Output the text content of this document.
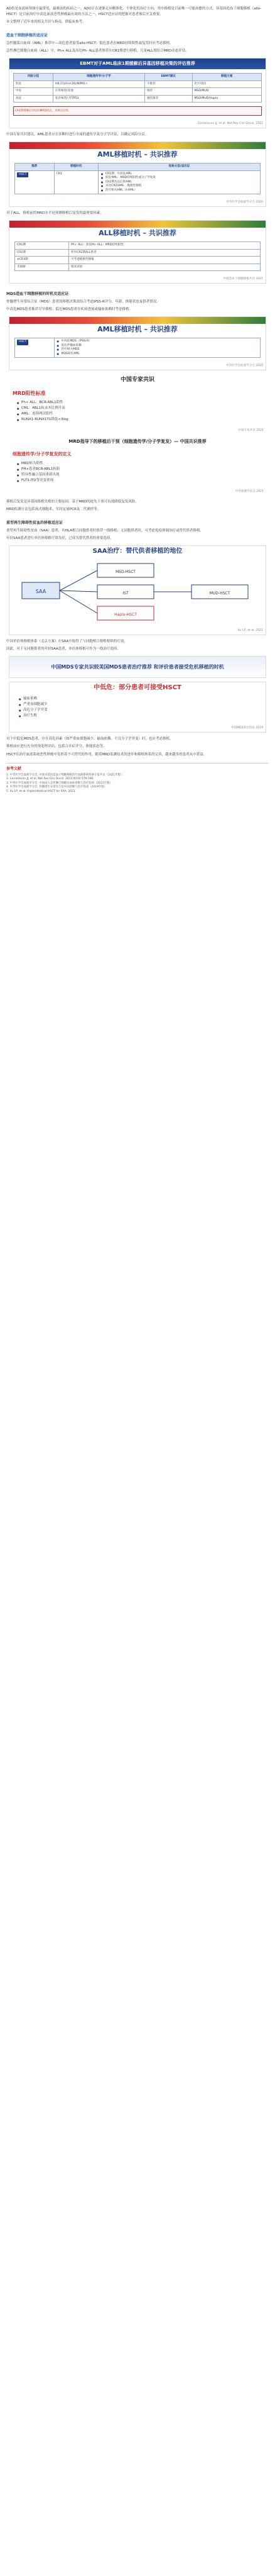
AD仍是血液病领域中最常见、最难治的疾病之一。ADO正在逐渐走向精准化、个体化的治疗方向，其中移植是目前唯一可能治愈的方式。异基因造血干细胞移植（allo-HSCT）是目前治疗中高危血液恶性肿瘤最有效的方法之一，HSCT适应证的把握对患者预后至关重要。

本文整理了近年来的相关共识与指南，供临床参考。

造血干细胞移植的适应证

急性髓系白血病（AML）推荐中—高危患者接受allo-HSCT；低危患者在MRD持续阳性或复发时应考虑移植。

急性淋巴细胞白血病（ALL）中，Ph+ ALL及高危Ph- ALL患者推荐在CR1期进行移植；儿童ALL需结合MRD动态评估。

EBMT对于AML临床1期缓解后异基因移植决策的评估推荐
风险分层	细胞遗传学/分子学	EBMT建议	移植方案
低危	t(8;21)/inv(16)/NPM1+	不推荐	化疗巩固
中危	正常核型/其他	推荐	MSD/MUD
高危	复杂核型/-7/TP53	强烈推荐	MSD/MUD/Haplo
CR1期缓解后评估的MRD状态，具体见后续
Cornelissen JJ, et al. Nat Rev Clin Oncol. 2012

中国专家共识建议，AML患者应在诊断时进行全面的遗传学及分子学评估，以确定风险分层。

AML移植时机 – 共识推荐
推荐	移植时机	危险分层/适应证
HSCT	CR1	● CR1期：中高危AML
● 低危AML：MRD持续阳性或分子学复发
● CR2期及以后的AML
● 未达CR的AML：挽救性移植
● 治疗相关AML（t-AML）
中华医学会血液学分会 2020

对于ALL，移植前的MRD水平是预测移植后复发的最重要因素。

ALL移植时机 – 共识推荐
CR1期	Ph+ ALL；高危Ph- ALL；MRD持续阳性
CR2期	所有CR2期ALL患者
≥CR3期	可考虑挽救性移植
未缓解	临床试验
中国造血干细胞移植共识 2021
MDS造血干细胞移植的时机及适应证

骨髓增生异常综合征（MDS）患者的移植决策需综合考虑IPSS-R评分、年龄、体能状态及供者情况。

中高危MDS患者推荐尽早移植；低危MDS患者在疾病进展或输血依赖时考虑移植。

AML移植时机 – 共识推荐
HSCT	
●中高危MDS（IPSS-R）
● 低危伴输血依赖
● 治疗相关MDS
● MDS转化AML
中华医学会血液学分会 2020
中国专家共识
MRD阳性标准
● Ph+ ALL：BCR-ABL1阳性
● CML：ABL1转录本比例升高
● AML：连续两次阳性
● RUNX1-RUNX1T1降低<3log
中国专家共识 2021
MRD指导下的移植后干预（细胞遗传学/分子学复发）— 中国共识推荐
细胞遗传学/分子学复发的定义
● MRD转为阳性
● PH+患者BCR-ABL1转阳
● 特异性融合基因重新出现
● FLT3-ITD等突变重现
中华血液学杂志 2021

移植后复发是异基因移植失败的主要原因。基于MRD的抢先干预可有效降低复发风险。

MRD监测方法包括流式细胞术、实时定量PCR及二代测序等。

重型再生障碍性贫血的移植适应证

重型再生障碍性贫血（SAA）患者，有HLA相合同胞供者时推荐一线移植；无同胞供者时，可考虑免疫抑制治疗或替代供者移植。

年轻SAA患者进行单倍体移植疗效良好，已成为替代供者的重要选择。

SAA治疗：替代供者移植的地位
SAA
MSD-HSCT
IST
Haplo-HSCT
MUD-HSCT
Xu LP, et al. 2021

中国单倍体移植体系（北京方案）在SAA中取得了与同胞相合移植相似的疗效。

因此，对于无同胞供者的年轻SAA患者，单倍体移植可作为一线治疗选择。

中国MDS专家共识较美国MDS患者治疗推荐 和评价患者接受危机移植的时机
中低危：部分患者可接受HSCT
● 输血依赖
● 严重血细胞减少
● 高危分子学突变
● 治疗失败
中国MDS诊疗指南 2019

对于中低危MDS患者，存在高危因素（如严重血细胞减少、输血依赖、不良分子学突变）时，也应考虑移植。

移植前应进行充分的预处理评估，包括合并症评分、体能状态等。

HSCT在治疗血液系统恶性肿瘤中发挥着不可替代的作用。随着MRD监测技术的进步和移植体系的完善，越来越多的患者从中获益。

参考文献
1. 中华医学会血液学分会. 中国异基因造血干细胞移植治疗血液系统疾病专家共识（2021年版）.
2. Cornelissen JJ, et al. Nat Rev Clin Oncol. 2012;9(10):579-590.
3. 中华医学会血液学分会. 中国成人急性淋巴细胞白血病诊断与治疗指南（2021年版）.
4. 中华医学会血液学分会. 骨髓增生异常综合征中国诊断与治疗指南（2019年版）.
5. Xu LP, et al. Haploidentical HSCT for SAA. 2021.
